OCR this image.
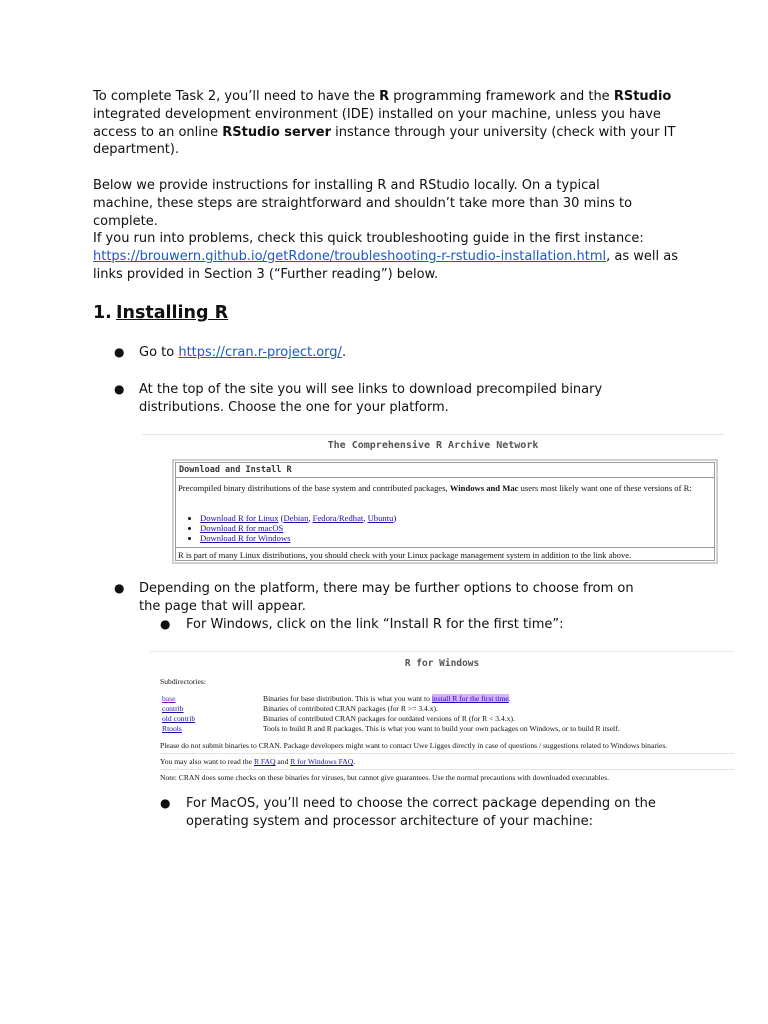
To complete Task 2, you’ll need to have the R programming framework and the RStudio integrated development environment (IDE) installed on your machine, unless you have access to an online RStudio server instance through your university (check with your IT department).
Below we provide instructions for installing R and RStudio locally. On a typical machine, these steps are straightforward and shouldn’t take more than 30 mins to complete.
If you run into problems, check this quick troubleshooting guide in the first instance: https://brouwern.github.io/getRdone/troubleshooting-r-rstudio-installation.html, as well as links provided in Section 3 (“Further reading”) below.
1. Installing R
● Go to https://cran.r-project.org/.
● At the top of the site you will see links to download precompiled binary distributions. Choose the one for your platform.
The Comprehensive R Archive Network
Download and Install R
Precompiled binary distributions of the base system and contributed packages, Windows and Mac users most likely want one of these versions of R:
• Download R for Linux (Debian, Fedora/Redhat, Ubuntu)
• Download R for macOS
• Download R for Windows
R is part of many Linux distributions, you should check with your Linux package management system in addition to the link above.
● Depending on the platform, there may be further options to choose from on the page that will appear.
● For Windows, click on the link “Install R for the first time”:
R for Windows
Subdirectories:
base	Binaries for base distribution. This is what you want to install R for the first time.
contrib	Binaries of contributed CRAN packages (for R >= 3.4.x).
old contrib	Binaries of contributed CRAN packages for outdated versions of R (for R < 3.4.x).
Rtools	Tools to build R and R packages. This is what you want to build your own packages on Windows, or to build R itself.
Please do not submit binaries to CRAN. Package developers might want to contact Uwe Ligges directly in case of questions / suggestions related to Windows binaries.
You may also want to read the R FAQ and R for Windows FAQ.
Note: CRAN does some checks on these binaries for viruses, but cannot give guarantees. Use the normal precautions with downloaded executables.
● For MacOS, you’ll need to choose the correct package depending on the operating system and processor architecture of your machine:
